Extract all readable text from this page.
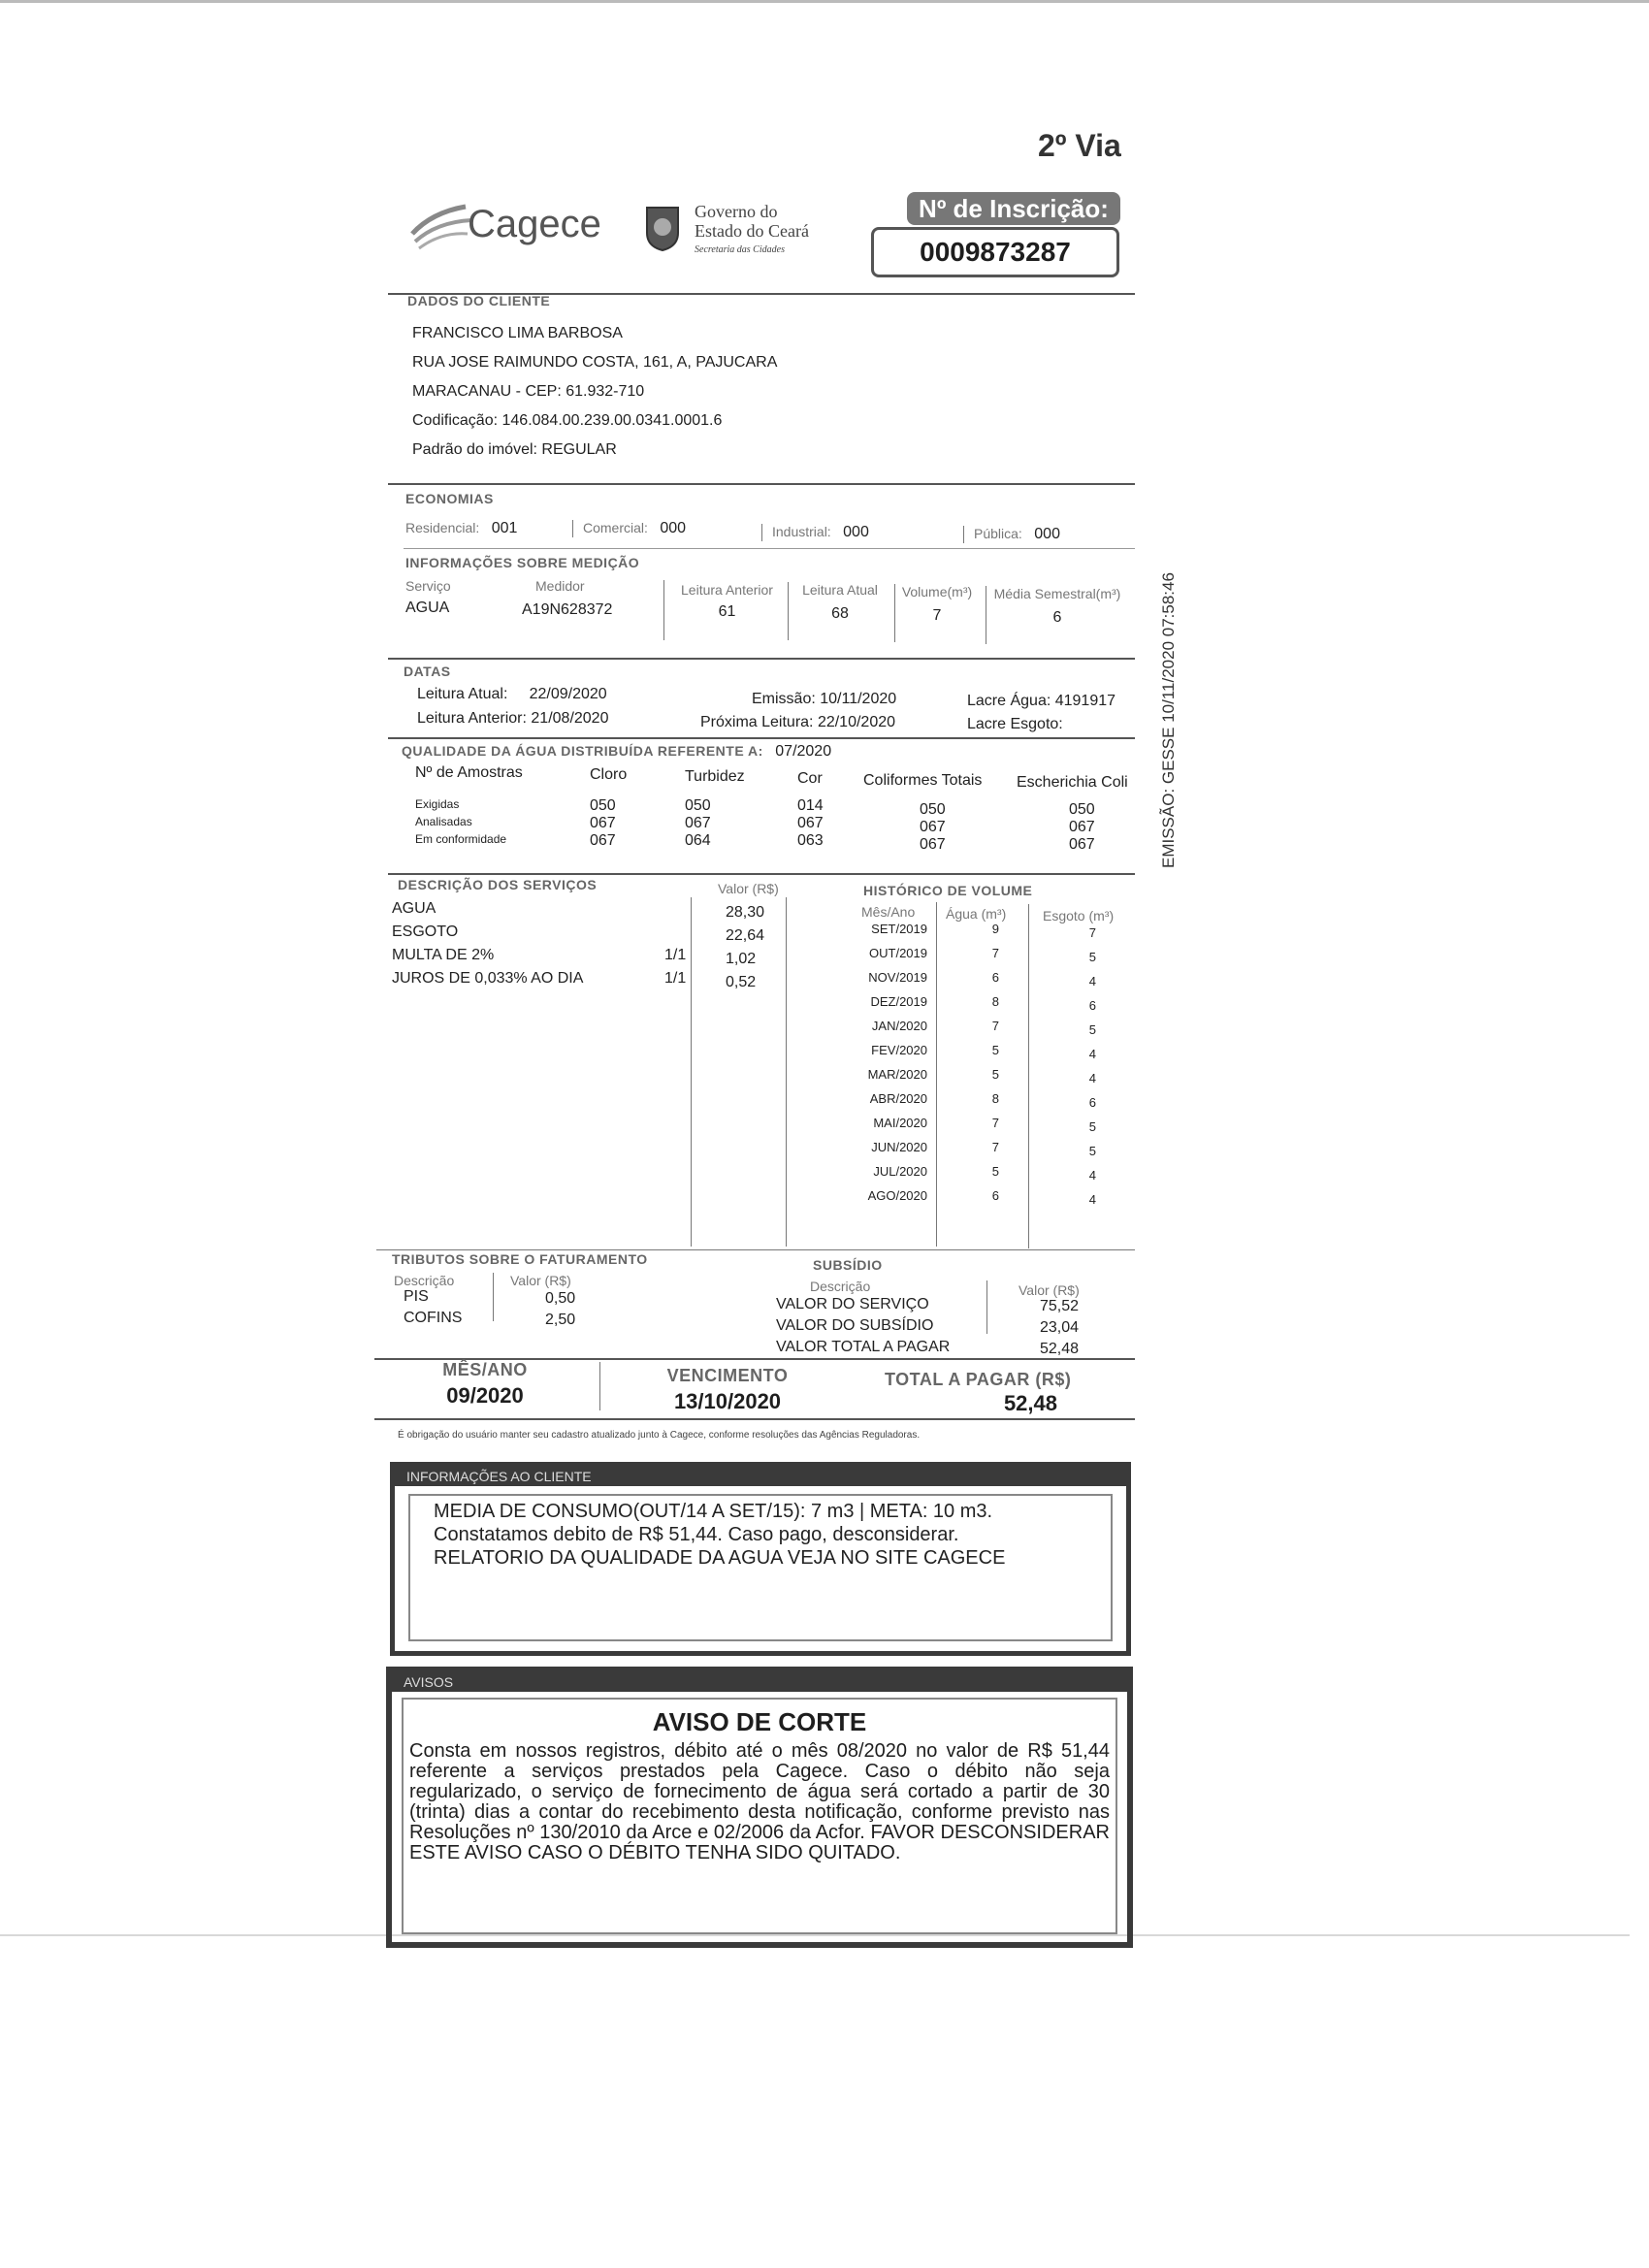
2º Via
EMISSÃO: GESSE 10/11/2020 07:58:46
Cagece	Governo do
Estado do Ceará
Secretaria das Cidades
Nº de Inscrição:
0009873287
DADOS DO CLIENTE
FRANCISCO LIMA BARBOSA
RUA JOSE RAIMUNDO COSTA, 161, A, PAJUCARA
MARACANAU - CEP: 61.932-710
Codificação: 146.084.00.239.00.0341.0001.6
Padrão do imóvel: REGULAR
ECONOMIAS
Residencial: 001	Comercial: 000	Industrial: 000	Pública: 000
INFORMAÇÕES SOBRE MEDIÇÃO
Serviço	Medidor	Leitura Anterior	Leitura Atual	Volume(m³)	Média Semestral(m³)
AGUA	A19N628372	61	68	7	6
DATAS
Leitura Atual:     22/09/2020
Leitura Anterior: 21/08/2020
Emissão: 10/11/2020
Próxima Leitura: 22/10/2020
Lacre Água: 4191917
Lacre Esgoto:
QUALIDADE DA ÁGUA DISTRIBUÍDA REFERENTE A: 07/2020
Nº de Amostras	Cloro	Turbidez	Cor	Coliformes Totais Escherichia Coli
Exigidas	050	050	014	050	050
Analisadas	067	067	067	067	067
Em conformidade	067	064	063	067	067
DESCRIÇÃO DOS SERVIÇOS	Valor (R$)
AGUA	28,30
ESGOTO	22,64
MULTA DE 2%	1/1	1,02
JUROS DE 0,033% AO DIA	1/1	0,52
HISTÓRICO DE VOLUME
Mês/Ano Água (m³)	Esgoto (m³)
SET/2019	9	7
OUT/2019	7	5
NOV/2019	6	4
DEZ/2019	8	6
JAN/2020	7	5
FEV/2020	5	4
MAR/2020	5	4
ABR/2020	8	6
MAI/2020	7	5
JUN/2020	7	5
JUL/2020	5	4
AGO/2020	6	4
TRIBUTOS SOBRE O FATURAMENTO
Descrição	Valor (R$)
PIS	0,50
COFINS	2,50
SUBSÍDIO
Descrição	Valor (R$)
VALOR DO SERVIÇO	75,52
VALOR DO SUBSÍDIO	23,04
VALOR TOTAL A PAGAR	52,48
MÊS/ANO
09/2020
VENCIMENTO
13/10/2020
TOTAL A PAGAR (R$)
52,48
É obrigação do usuário manter seu cadastro atualizado junto à Cagece, conforme resoluções das Agências Reguladoras.
INFORMAÇÕES AO CLIENTE
MEDIA DE CONSUMO(OUT/14 A SET/15): 7 m3 | META: 10 m3.
Constatamos debito de R$ 51,44. Caso pago, desconsiderar.
RELATORIO DA QUALIDADE DA AGUA VEJA NO SITE CAGECE
AVISOS
AVISO DE CORTE
Consta em nossos registros, débito até o mês 08/2020 no valor de R$ 51,44 referente a serviços prestados pela Cagece. Caso o débito não seja regularizado, o serviço de fornecimento de água será cortado a partir de 30 (trinta) dias a contar do recebimento desta notificação, conforme previsto nas Resoluções nº 130/2010 da Arce e 02/2006 da Acfor. FAVOR DESCONSIDERAR ESTE AVISO CASO O DÉBITO TENHA SIDO QUITADO.
